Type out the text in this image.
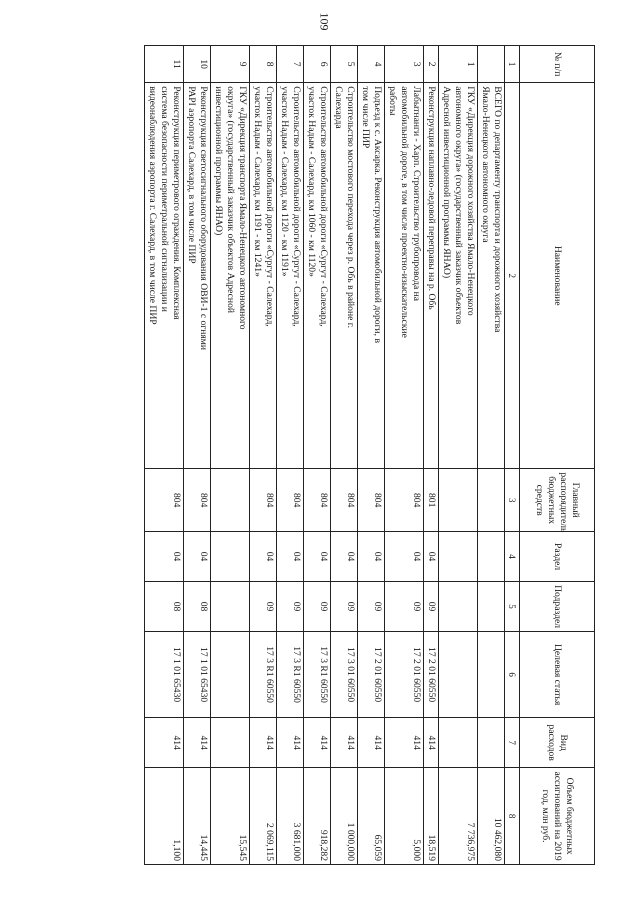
109
№ п/п	Наименование	Главный распорядитель бюджетных средств	Раздел	Подраздел	Целевая статья	Вид расходов	Объем бюджетных ассигнований на 2019 год, млн руб.
1	2	3	4	5	6	7	8

	ВСЕГО по департаменту транспорта и дорожного хозяйства
Ямало-Ненецкого автономного округа						10 462,080
1	ГКУ «Дирекция дорожного хозяйства Ямало-Ненецкого
автономного округа» (государственный заказчик объектов
Адресной инвестиционной программы ЯНАО)						7 736,975
2	Реконструкция наплавно-ледовой переправы на р. Обь	801	04	09	17 2 01 60550	414	18,519
3	Лабытнанги - Харп. Строительство трубопровода на
автомобильной дороге, в том числе проектно-изыскательские
работы	804	04	09	17 2 01 60550	414	5,000
4	Подъезд к с. Аксарка. Реконструкция автомобильной дороги, в
том числе ПИР	804	04	09	17 2 01 60550	414	65,059
5	Строительство мостового перехода через р. Обь в районе г.
Салехарда	804	04	09	17 3 01 60550	414	1 000,000
6	Строительство автомобильной дороги «Сургут - Салехард,
участок Надым - Салехард, км 1060 - км 1120»	804	04	09	17 3 R1 60550	414	918,282
7	Строительство автомобильной дороги «Сургут - Салехард,
участок Надым - Салехард, км 1120 - км 1191»	804	04	09	17 3 R1 60550	414	3 681,000
8	Строительство автомобильной дороги «Сургут - Салехард,
участок Надым - Салехард, км 1191 - км 1241»	804	04	09	17 3 R1 60550	414	2 069,115
9	ГКУ «Дирекция транспорта Ямало-Ненецкого автономного
округа» (государственный заказчик объектов Адресной
инвестиционной программы ЯНАО)						15,545
10	Реконструкция светосигнального оборудования ОВИ-1 с огнями
РАРI аэропорта Салехард, в том числе ПИР	804	04	08	17 1 01 65430	414	14,445
11	Реконструкция периметрового ограждения. Комплексная
система безопасности периметральной сигнализации и
видеонаблюдения аэропорта г. Салехард, в том числе ПИР	804	04	08	17 1 01 65430	414	1,100
